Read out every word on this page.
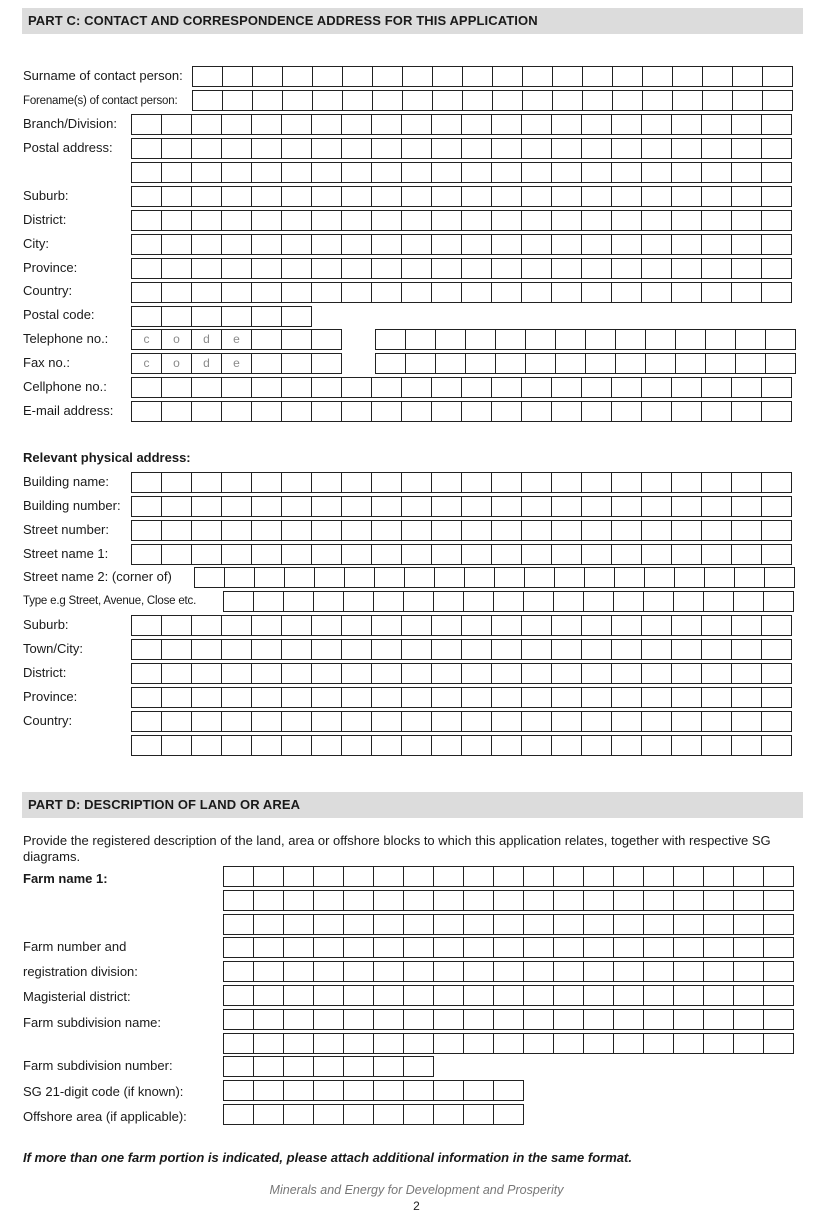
PART C: CONTACT AND CORRESPONDENCE ADDRESS FOR THIS APPLICATION
Surname of contact person:
Forename(s) of contact person:
Branch/Division:
Postal address:
Suburb:
District:
City:
Province:
Country:
Postal code:
Telephone no.:	c	o	d	e
Fax no.:	c	o	d	e
Cellphone no.:
E-mail address:
Relevant physical address:
Building name:
Building number:
Street number:
Street name 1:
Street name 2: (corner of)
Type e.g Street, Avenue, Close etc.
Suburb:
Town/City:
District:
Province:
Country:
PART D: DESCRIPTION OF LAND OR AREA
Provide the registered description of the land, area or offshore blocks to which this application relates, together with respective SG diagrams.
Farm name 1:
Farm number and
registration division:
Magisterial district:
Farm subdivision name:
Farm subdivision number:
SG 21-digit code (if known):
Offshore area (if applicable):
If more than one farm portion is indicated, please attach additional information in the same format.
Minerals and Energy for Development and Prosperity
2
